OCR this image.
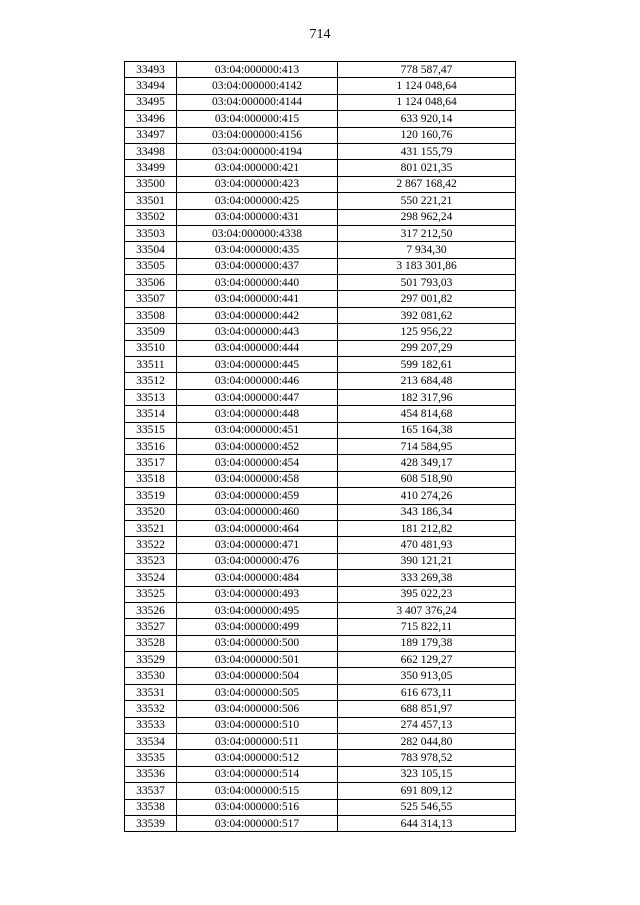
714
33493	03:04:000000:413	778 587,47
33494	03:04:000000:4142	1 124 048,64
33495	03:04:000000:4144	1 124 048,64
33496	03:04:000000:415	633 920,14
33497	03:04:000000:4156	120 160,76
33498	03:04:000000:4194	431 155,79
33499	03:04:000000:421	801 021,35
33500	03:04:000000:423	2 867 168,42
33501	03:04:000000:425	550 221,21
33502	03:04:000000:431	298 962,24
33503	03:04:000000:4338	317 212,50
33504	03:04:000000:435	7 934,30
33505	03:04:000000:437	3 183 301,86
33506	03:04:000000:440	501 793,03
33507	03:04:000000:441	297 001,82
33508	03:04:000000:442	392 081,62
33509	03:04:000000:443	125 956,22
33510	03:04:000000:444	299 207,29
33511	03:04:000000:445	599 182,61
33512	03:04:000000:446	213 684,48
33513	03:04:000000:447	182 317,96
33514	03:04:000000:448	454 814,68
33515	03:04:000000:451	165 164,38
33516	03:04:000000:452	714 584,95
33517	03:04:000000:454	428 349,17
33518	03:04:000000:458	608 518,90
33519	03:04:000000:459	410 274,26
33520	03:04:000000:460	343 186,34
33521	03:04:000000:464	181 212,82
33522	03:04:000000:471	470 481,93
33523	03:04:000000:476	390 121,21
33524	03:04:000000:484	333 269,38
33525	03:04:000000:493	395 022,23
33526	03:04:000000:495	3 407 376,24
33527	03:04:000000:499	715 822,11
33528	03:04:000000:500	189 179,38
33529	03:04:000000:501	662 129,27
33530	03:04:000000:504	350 913,05
33531	03:04:000000:505	616 673,11
33532	03:04:000000:506	688 851,97
33533	03:04:000000:510	274 457,13
33534	03:04:000000:511	282 044,80
33535	03:04:000000:512	783 978,52
33536	03:04:000000:514	323 105,15
33537	03:04:000000:515	691 809,12
33538	03:04:000000:516	525 546,55
33539	03:04:000000:517	644 314,13
